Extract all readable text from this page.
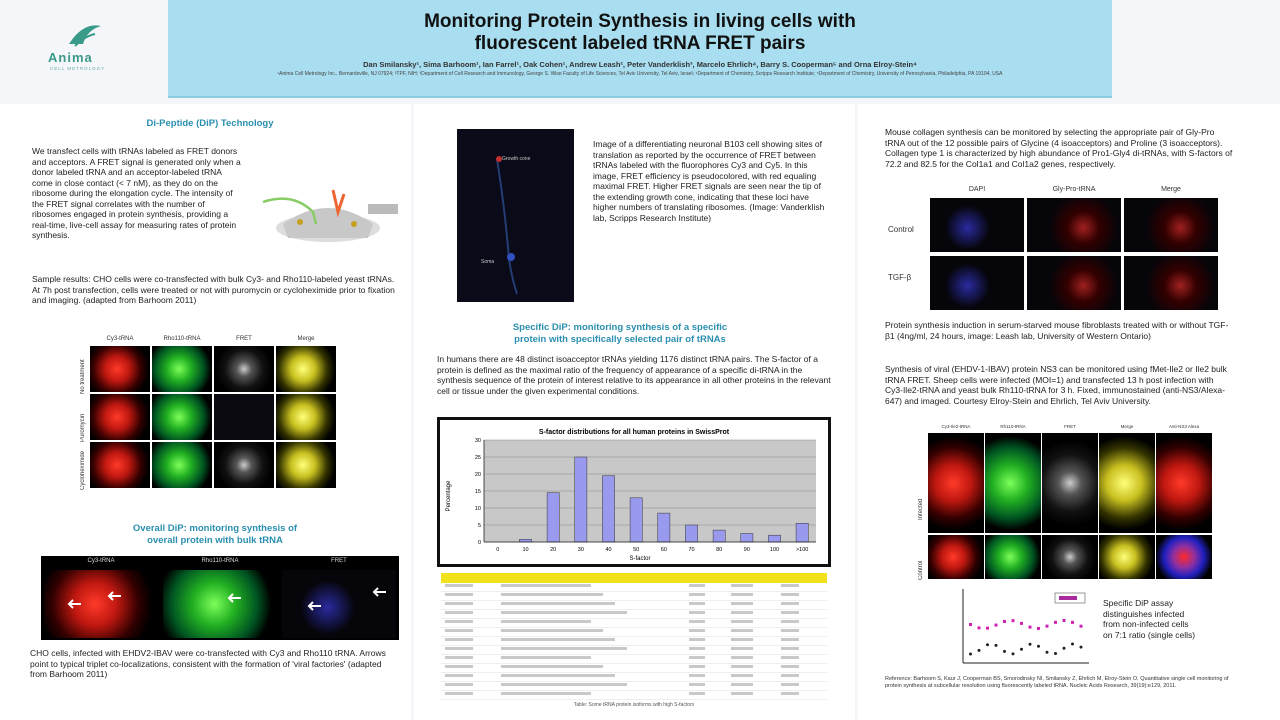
Monitoring Protein Synthesis in living cells with
fluorescent labeled tRNA FRET pairs
Dan Smilansky¹, Sima Barhoom¹, Ian Farrel¹, Oak Cohen¹, Andrew Leash², Peter Vanderklish³, Marcelo Ehrlich⁴, Barry S. Cooperman⁵ and Orna Elroy-Stein⁴
¹Anima Cell Metrology Inc., Bernardsville, NJ 07924; ²TPF, NIH; ³Department of Cell Research and Immunology, George S. Wise Faculty of Life Sciences, Tel Aviv University, Tel Aviv, Israel; ⁴Department of Chemistry, Scripps Research Institute; ⁵Department of Chemistry, University of Pennsylvania, Philadelphia, PA 19104, USA
Anima
CELL METROLOGY
Di-Peptide (DiP) Technology
We transfect cells with tRNAs labeled as FRET donors and acceptors. A FRET signal is generated only when a donor labeled tRNA and an acceptor-labeled tRNA come in close contact (< 7 nM), as they do on the ribosome during the elongation cycle. The intensity of the FRET signal correlates with the number of ribosomes engaged in protein synthesis, providing a real-time, live-cell assay for measuring rates of protein synthesis.
Sample results: CHO cells were co-transfected with bulk Cy3- and Rho110-labeled yeast tRNAs. At 7h post transfection, cells were treated or not with puromycin or cycloheximide prior to fixation and imaging. (adapted from Barhoom 2011)
Cy3-tRNA	Rho110-tRNA	FRET	Merge
No treatment
Puromycin
Cycloheximide
Overall DiP: monitoring synthesis of
overall protein with bulk tRNA
Cy3-tRNA	Rho110-tRNA	FRET
CHO cells, infected with EHDV2-IBAV were co-transfected with Cy3 and Rho110 tRNA. Arrows point to typical triplet co-localizations, consistent with the formation of 'viral factories' (adapted from Barhoom 2011)
Growth cone
Soma
Image of a differentiating neuronal B103 cell showing sites of translation as reported by the occurrence of FRET between tRNAs labeled with the fluorophores Cy3 and Cy5. In this image, FRET efficiency is pseudocolored, with red equaling maximal FRET. Higher FRET signals are seen near the tip of the extending growth cone, indicating that these loci have higher numbers of translating ribosomes. (Image: Vanderklish lab, Scripps Research Institute)
Specific DiP: monitoring synthesis of a specific
protein with specifically selected pair of tRNAs
In humans there are 48 distinct isoacceptor tRNAs yielding 1176 distinct tRNA pairs. The S-factor of a protein is defined as the maximal ratio of the frequency of appearance of a specific di-tRNA in the synthesis sequence of the protein of interest relative to its appearance in all other proteins in the relevant cell or tissue under the given experimental conditions.
S-factor distributions for all human proteins in SwissProt
0
5
10
15
20
25
30
0	10	20	30	40	50	60	70	80	90	100	>100
Percentage
S-factor
Table: Some tRNA protein isoforms with high S-factors
Mouse collagen synthesis can be monitored by selecting the appropriate pair of Gly-Pro tRNA out of the 12 possible pairs of Glycine (4 isoacceptors) and Proline (3 isoacceptors). Collagen type 1 is characterized by high abundance of Pro1-Gly4 di-tRNAs, with S-factors of 72.2 and 82.5 for the Col1a1 and Col1a2 genes, respectively.
DAPI	Gly-Pro-tRNA	Merge
Control
TGF-β
Protein synthesis induction in serum-starved mouse fibroblasts treated with or without TGF-β1 (4ng/ml, 24 hours, image: Leash lab, University of Western Ontario)
Synthesis of viral (EHDV-1-IBAV) protein NS3 can be monitored using fMet-Ile2 or Ile2 bulk tRNA FRET. Sheep cells were infected (MOI=1) and transfected 13 h post infection with Cy3-Ile2-tRNA and yeast bulk Rh110-tRNA for 3 h. Fixed, immunostained (anti-NS3/Alexa-647) and imaged. Courtesy Elroy-Stein and Ehrlich, Tel Aviv University.
Cy3-Ile2-tRNA	Rh110-tRNA	FRET	Merge	Anti-NS3 Alexa
Infected
Control
Specific DiP assay distinguishes infected from non-infected cells on 7:1 ratio (single cells)
Reference: Barhoom S, Kaur J, Cooperman BS, Smorodinsky NI, Smilansky Z, Ehrlich M, Elroy-Stein O. Quantitative single cell monitoring of protein synthesis at subcellular resolution using fluorescently labeled tRNA. Nucleic Acids Research, 39(19):e129, 2011.
